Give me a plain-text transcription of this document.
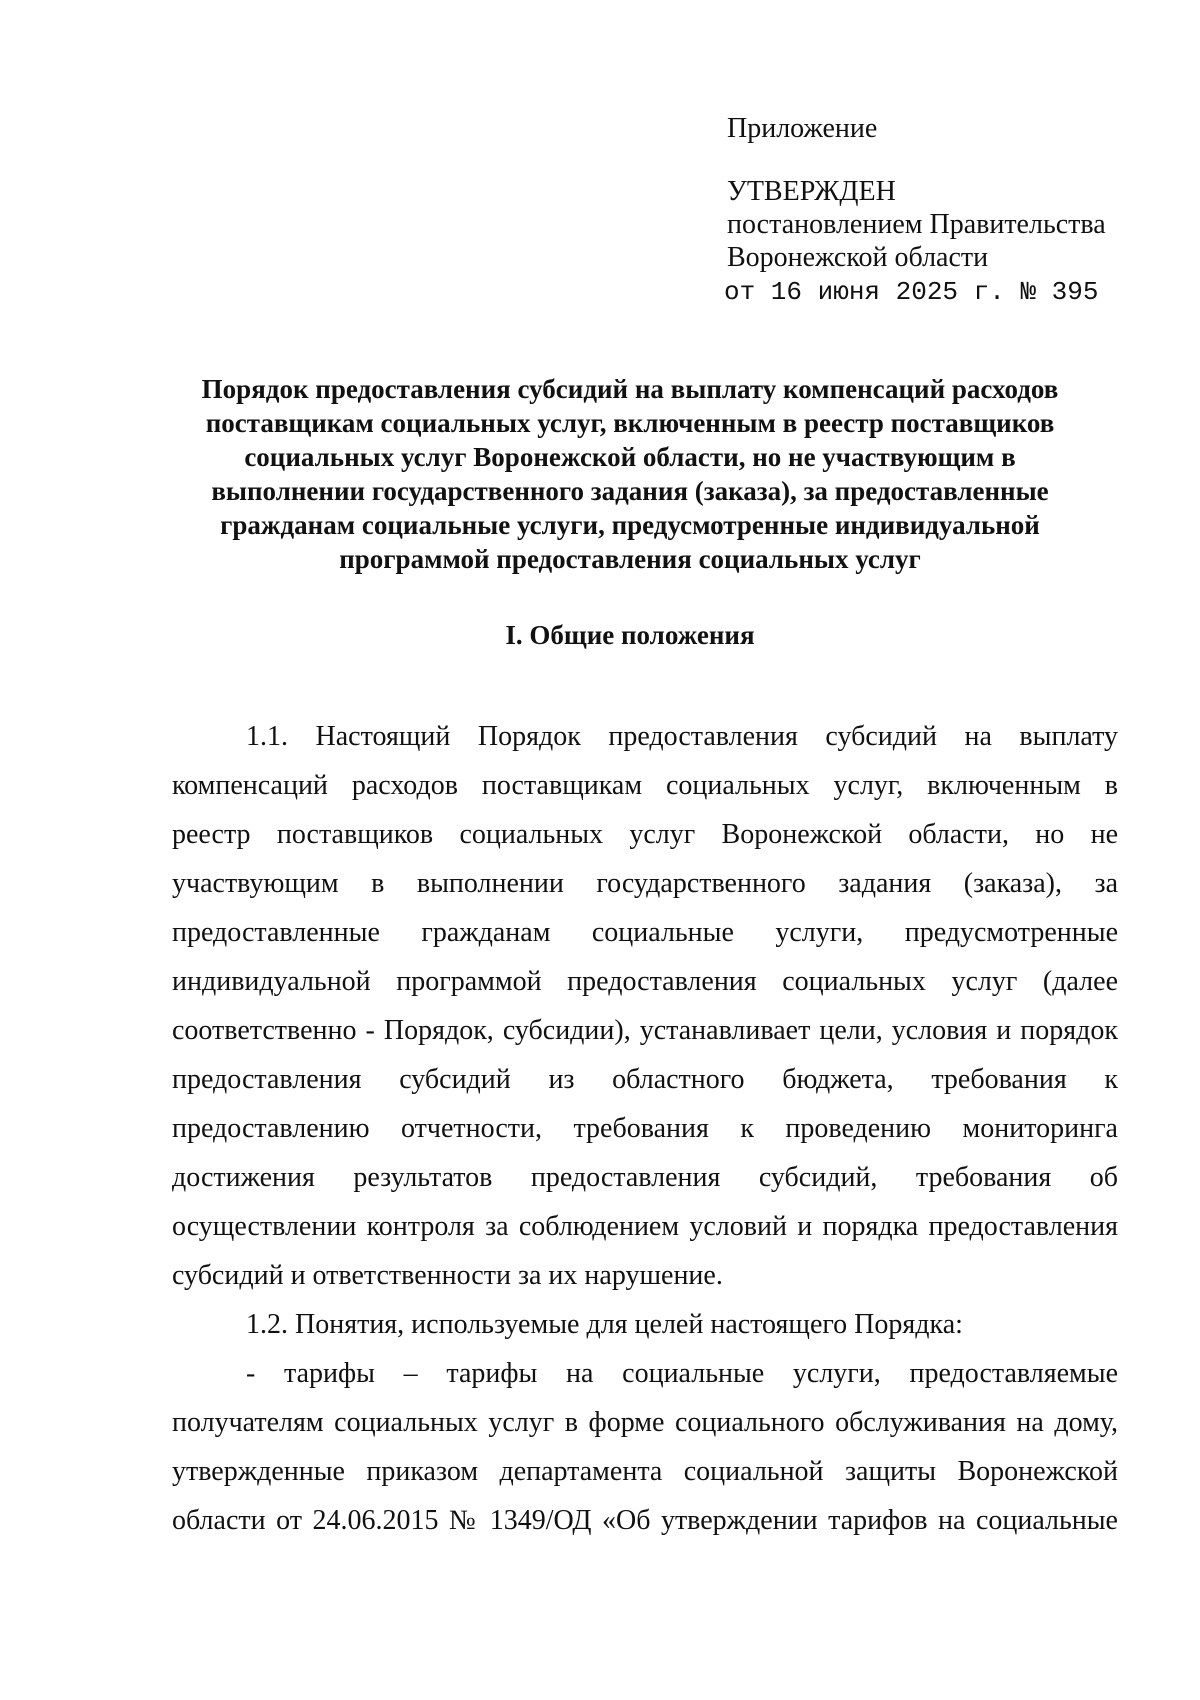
Приложение

УТВЕРЖДЕН

постановлением Правительства

Воронежской области

от 16 июня 2025 г. № 395

Порядок предоставления субсидий на выплату компенсаций расходов
поставщикам социальных услуг, включенным в реестр поставщиков
социальных услуг Воронежской области, но не участвующим в
выполнении государственного задания (заказа), за предоставленные
гражданам социальные услуги, предусмотренные индивидуальной
программой предоставления социальных услуг
I. Общие положения
1.1. Настоящий Порядок предоставления субсидий на выплату
компенсаций расходов поставщикам социальных услуг, включенным в
реестр поставщиков социальных услуг Воронежской области, но не
участвующим в выполнении государственного задания (заказа), за
предоставленные гражданам социальные услуги, предусмотренные
индивидуальной программой предоставления социальных услуг (далее
соответственно - Порядок, субсидии), устанавливает цели, условия и порядок
предоставления субсидий из областного бюджета, требования к
предоставлению отчетности, требования к проведению мониторинга
достижения результатов предоставления субсидий, требования об
осуществлении контроля за соблюдением условий и порядка предоставления
субсидий и ответственности за их нарушение.
1.2. Понятия, используемые для целей настоящего Порядка:
- тарифы – тарифы на социальные услуги, предоставляемые
получателям социальных услуг в форме социального обслуживания на дому,
утвержденные приказом департамента социальной защиты Воронежской
области от 24.06.2015 № 1349/ОД «Об утверждении тарифов на социальные
